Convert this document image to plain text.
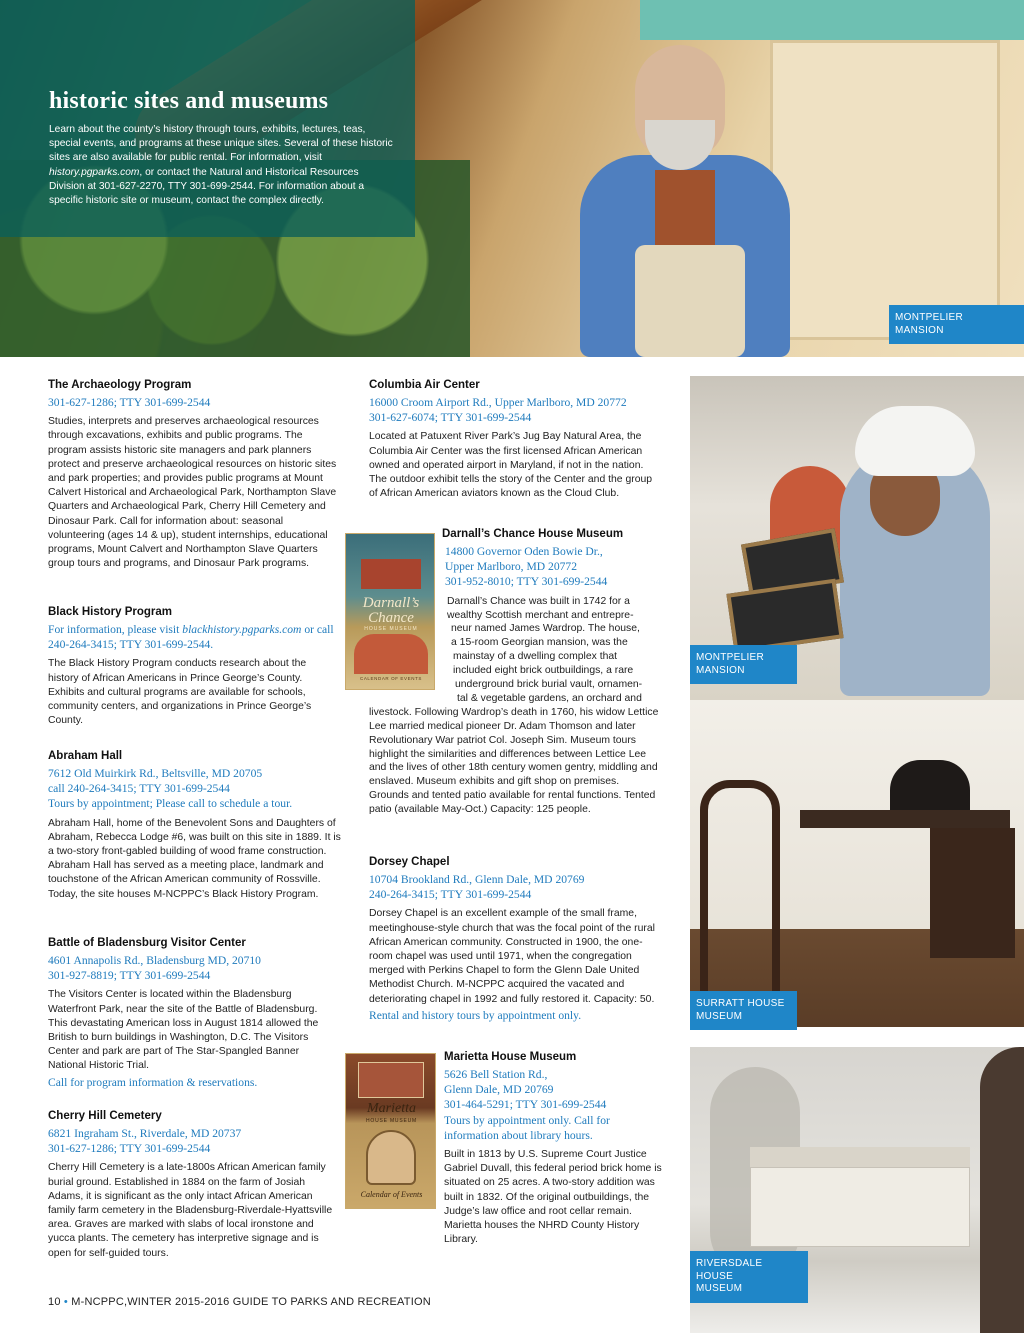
historic sites and museums

Learn about the county’s history through tours, exhibits, lectures, teas, special events, and programs at these unique sites. Several of these historic sites are also available for public rental. For information, visit history.pgparks.com, or contact the Natural and Historical Resources Division at 301-627-2270, TTY 301-699-2544. For information about a specific historic site or museum, contact the complex directly.

MONTPELIER
MANSION
MONTPELIER
MANSION
SURRATT HOUSE
MUSEUM
RIVERSDALE HOUSE
MUSEUM
The Archaeology Program
301-627-1286; TTY 301-699-2544

Studies, interprets and preserves archaeological resources through excavations, exhibits and public programs. The program assists historic site managers and park planners protect and preserve archaeological resources on historic sites and park properties; and provides public programs at Mount Calvert Historical and Archaeological Park, Northampton Slave Quarters and Archaeological Park, Cherry Hill Cemetery and Dinosaur Park. Call for information about: seasonal volunteering (ages 14 & up), student internships, educational programs, Mount Calvert and Northampton Slave Quarters group tours and programs, and Dinosaur Park programs.

Black History Program
For information, please visit blackhistory.pgparks.com or call 240-264-3415; TTY 301-699-2544.

The Black History Program conducts research about the history of African Americans in Prince George’s County. Exhibits and cultural programs are available for schools, community centers, and organizations in Prince George’s County.

Abraham Hall
7612 Old Muirkirk Rd., Beltsville, MD 20705
call 240-264-3415; TTY 301-699-2544
Tours by appointment; Please call to schedule a tour.

Abraham Hall, home of the Benevolent Sons and Daughters of Abraham, Rebecca Lodge #6, was built on this site in 1889. It is a two-story front-gabled building of wood frame construction. Abraham Hall has served as a meeting place, landmark and touchstone of the African American community of Rossville. Today, the site houses M-NCPPC’s Black History Program.

Battle of Bladensburg Visitor Center
4601 Annapolis Rd., Bladensburg MD, 20710
301-927-8819; TTY 301-699-2544

The Visitors Center is located within the Bladensburg Waterfront Park, near the site of the Battle of Bladensburg. This devastating American loss in August 1814 allowed the British to burn buildings in Washington, D.C. The Visitors Center and park are part of The Star-Spangled Banner National Historic Trial.

Call for program information & reservations.
Cherry Hill Cemetery
6821 Ingraham St., Riverdale, MD 20737
301-627-1286; TTY 301-699-2544

Cherry Hill Cemetery is a late-1800s African American family burial ground. Established in 1884 on the farm of Josiah Adams, it is significant as the only intact African American family farm cemetery in the Bladensburg-Riverdale-Hyattsville area. Graves are marked with slabs of local ironstone and yucca plants. The cemetery has interpretive signage and is open for self-guided tours.

Columbia Air Center
16000 Croom Airport Rd., Upper Marlboro, MD 20772
301-627-6074; TTY 301-699-2544

Located at Patuxent River Park’s Jug Bay Natural Area, the Columbia Air Center was the first licensed African American owned and operated airport in Maryland, if not in the nation. The outdoor exhibit tells the story of the Center and the group of African American aviators known as the Cloud Club.

Darnall’s Chance
HOUSE MUSEUM
CALENDAR OF EVENTS
Darnall’s Chance House Museum
14800 Governor Oden Bowie Dr.,
Upper Marlboro, MD 20772
301-952-8010; TTY 301-699-2544
Darnall’s Chance was built in 1742 for a
wealthy Scottish merchant and entrepre-
neur named James Wardrop. The house,
a 15-room Georgian mansion, was the
mainstay of a dwelling complex that
included eight brick outbuildings, a rare
underground brick burial vault, ornamen-
tal & vegetable gardens, an orchard and
livestock. Following Wardrop’s death in 1760, his widow Lettice Lee married medical pioneer Dr. Adam Thomson and later Revolutionary War patriot Col. Joseph Sim. Museum tours highlight the similarities and differences between Lettice Lee and the lives of other 18th century women gentry, middling and enslaved. Museum exhibits and gift shop on premises. Grounds and tented patio available for rental functions. Tented patio (available May-Oct.) Capacity: 125 people.
Dorsey Chapel
10704 Brookland Rd., Glenn Dale, MD 20769
240-264-3415; TTY 301-699-2544

Dorsey Chapel is an excellent example of the small frame, meetinghouse-style church that was the focal point of the rural African American community. Constructed in 1900, the one-room chapel was used until 1971, when the congregation merged with Perkins Chapel to form the Glenn Dale United Methodist Church. M-NCPPC acquired the vacated and deteriorating chapel in 1992 and fully restored it. Capacity: 50.

Rental and history tours by appointment only.
Marietta
HOUSE MUSEUM
Calendar of Events
Marietta House Museum
5626 Bell Station Rd.,
Glenn Dale, MD 20769
301-464-5291; TTY 301-699-2544
Tours by appointment only. Call for
information about library hours.

Built in 1813 by U.S. Supreme Court Justice Gabriel Duvall, this federal period brick home is situated on 25 acres. A two-story addition was built in 1832. Of the original outbuildings, the Judge’s law office and root cellar remain. Marietta houses the NHRD County History Library.

10 • M-NCPPC,WINTER 2015-2016 GUIDE TO PARKS AND RECREATION
